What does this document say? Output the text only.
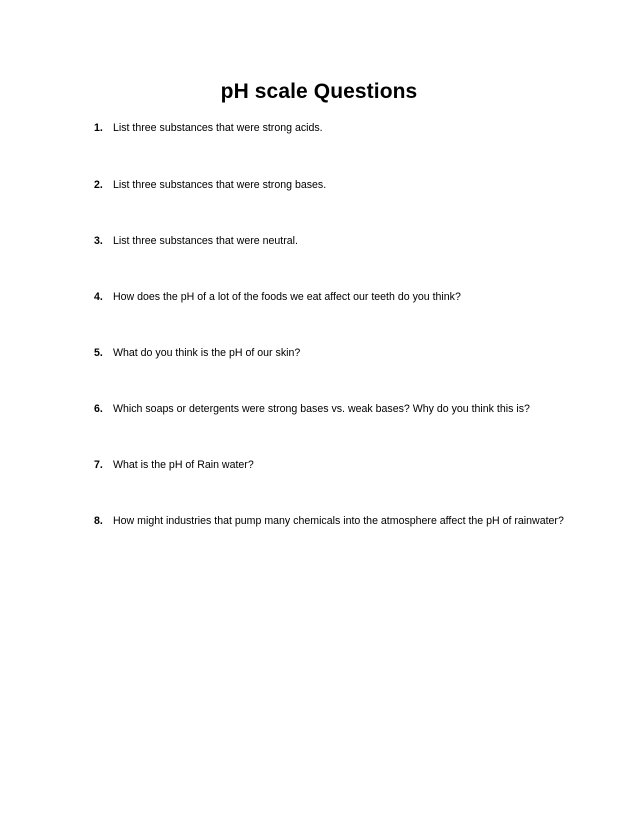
pH scale Questions
1. List three substances that were strong acids.
2. List three substances that were strong bases.
3. List three substances that were neutral.
4. How does the pH of a lot of the foods we eat affect our teeth do you think?
5. What do you think is the pH of our skin?
6. Which soaps or detergents were strong bases vs. weak bases? Why do you think this is?
7. What is the pH of Rain water?
8. How might industries that pump many chemicals into the atmosphere affect the pH of rainwater?
